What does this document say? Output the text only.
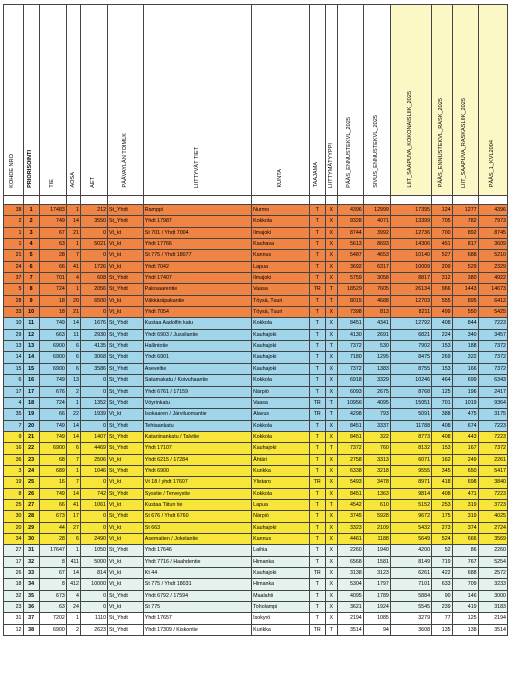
KOHDE NRO	PRIORISOINTI	TIE	AOSA	AET	PÄÄVAYLÄN TOIMLK	LIITTYVÄT TIET	KUNTA	TAAJAMA	LIITTYMÄTYYPPI	PÄÄS_ENNUSTEKVL_2025	SIVUS_ENNUSTEKVL_2025	LIIT_SAAPUVA_KOKONAISLIIK_2025	PÄÄS_ENNUSTEKVL_RASK_2025	LIIT_SAAPUVA_RASKASLIIK_2025	PÄÄS_1_KVL2004

38	1	17483	1	212	St_Yhdt	Ramppi	Nurmo	T	X	4396	12999	17395	124	1277	4396
2	2	749	14	3550	St_Yhdt	Yhdt 17987	Kokkola	T	X	9328	4071	13399	705	782	7973
1	3	67	21	0	Vt_kt	St 701 / Yhdt 7004	Ilmajoki	T	X	8744	3992	12736	700	892	8745
1	4	63	1	5021	Vt_kt	Yhdt 17766	Kauhava	T	X	5613	8693	14306	451	817	3609
21	5	28	7	0	Vt_kt	St 775 / Yhdt 18077	Kannus	T	X	5487	4653	10140	527	688	5210
24	6	66	41	1726	Vt_kt	Yhdt 7042	Lapua	T	X	3692	6317	10009	209	529	2329
37	7	701	4	608	St_Yhdt	Yhdt 17407	Ilmajoki	T	X	5759	3058	8817	312	380	4922
5	8	724	1	2056	St_Yhdt	Palosaarentie	Vaasa	TR	T	18529	7605	26134	966	1443	14673
28	9	18	20	6500	Vt_kt	Väkkäräpakantie	Töysä, Tuuri	T	T	8015	4688	12703	555	895	6412
33	10	18	21	0	Vt_kt	Yhdt 7054	Töysä, Tuuri	T	X	7398	813	8211	499	550	5425
10	11	749	14	1676	St_Yhdt	Kustaa Aadolfin katu	Kokkola	T	X	8451	4341	12792	408	844	7223
29	12	663	11	2930	St_Yhdt	Yhdt 6903 / Jussilantie	Kauhajoki	T	X	4130	2691	6821	224	340	3457
13	13	6900	6	4135	St_Yhdt	Hallintotie	Kauhajoki	T	T	7372	530	7902	153	188	7372
14	14	6900	6	3068	St_Yhdt	Yhdt 6901	Kauhajoki	T	X	7180	1295	8475	269	322	7372
15	15	6900	6	3586	St_Yhdt	Aseveltie	Kauhajoki	T	X	7372	1383	8755	153	166	7372
6	16	749	13	0	St_Yhdt	Satamakatu / Koivuhaantie	Kokkola	T	X	6918	3329	10246	464	699	6343
17	17	676	2	0	St_Yhdt	Yhdt 6761 / 17159	Närpiö	T	X	6093	2675	8768	125	196	2417
4	18	724	1	1352	St_Yhdt	Vöyrinkatu	Vaasa	TR	T	10956	4095	15051	701	1019	9364
35	19	66	22	1939	Vt_kt	Isokaaren / Järviluomantie	Alavus	TR	T	4298	793	5091	388	475	3175
7	20	749	14	0	St_Yhdt	Tehtaankatu	Kokkola	T	X	8451	3337	11788	408	674	7223
9	21	749	14	1407	St_Yhdt	Katariinankatu / Talvitie	Kokkola	T	X	8451	322	8773	408	443	7223
16	22	6900	6	4469	St_Yhdt	Yhdt 17107	Kauhajoki	T	T	7372	760	8132	153	167	7372
36	23	68	7	2506	Vt_kt	Yhdt 6215 / 17284	Ähtäri	T	X	2758	3313	6071	162	249	2261
3	24	689	1	1046	St_Yhdt	Yhdt 6900	Kurikka	T	X	6338	3218	9555	345	650	5417
19	25	16	7	0	Vt_kt	Vt 18 / yhdt 17607	Ylistaro	TR	X	5493	3478	8971	418	698	3840
8	26	749	14	742	St_Yhdt	Sysstie / Terveystie	Kokkola	T	X	8451	1363	9814	408	471	7223
25	27	66	41	1061	Vt_kt	Kustaa Tiitun tie	Lapua	T	T	4542	610	5152	253	319	3723
30	28	673	17	0	St_Yhdt	St 676 / Yhdt 6760	Närpiö	T	X	3745	5928	9672	175	319	4025
20	29	44	27	0	Vt_kt	St 663	Kauhajoki	T	X	3323	2109	5432	273	374	2724
34	30	28	6	2490	Vt_kt	Asematien / Jokelantie	Kannus	T	X	4461	1188	5649	524	666	3569
27	31	17647	1	1050	St_Yhdt	Yhdt 17646	Laihia	T	X	2260	1940	4200	52	86	2260
17	32	8	411	5000	Vt_kt	Yhdt 7716 / Haahdentie	Himanka	T	X	6568	1581	8149	719	767	5254
26	33	67	14	814	Vt_kt	Kt 44	Kauhajoki	TR	X	3138	3123	6261	422	688	2572
18	34	8	412	10000	Vt_kt	St 775 / Yhdt 18031	Himanka	T	X	5304	1797	7101	633	709	3233
32	35	673	4	0	St_Yhdt	Yhdt 6792 / 17594	Maalahti	T	X	4095	1789	5884	90	146	3000
23	36	63	24	0	Vt_kt	St 775	Toholampi	T	X	3621	1924	5545	239	419	3183
31	37	7202	1	1110	St_Yhdt	Yhdt 17657	Isokyrö	T	X	2194	1085	3279	77	125	2194
12	38	6900	2	2623	St_Yhdt	Yhdt 17309 / Kiskontie	Kurikka	TR	T	3514	94	3608	135	138	3514
